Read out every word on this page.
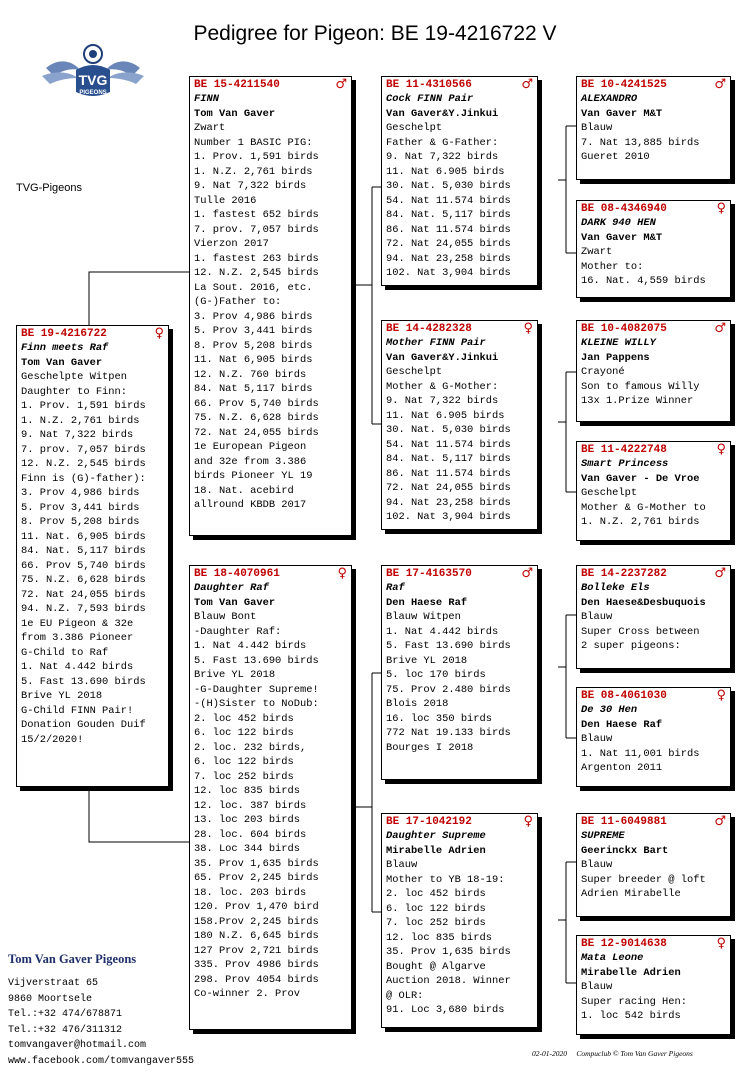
Pedigree for Pigeon: BE 19-4216722 V
TVG
PIGEONS
TVG-Pigeons
BE 19-4216722	♀
Finn meets Raf
Tom Van Gaver
Geschelpte Witpen
Daughter to Finn:
1. Prov. 1,591 birds
1. N.Z. 2,761 birds
9. Nat 7,322 birds
7. prov. 7,057 birds
12. N.Z. 2,545 birds
Finn is (G)-father):
3. Prov 4,986 birds
5. Prov 3,441 birds
8. Prov 5,208 birds
11. Nat. 6,905 birds
84. Nat. 5,117 birds
66. Prov 5,740 birds
75. N.Z. 6,628 birds
72. Nat 24,055 birds
94. N.Z. 7,593 birds
1e EU Pigeon & 32e
from 3.386 Pioneer
G-Child to Raf
1. Nat 4.442 birds
5. Fast 13.690 birds
Brive YL 2018
G-Child FINN Pair!
Donation Gouden Duif
15/2/2020!
BE 15-4211540	♂
FINN
Tom Van Gaver
Zwart
Number 1 BASIC PIG:
1. Prov. 1,591 birds
1. N.Z. 2,761 birds
9. Nat 7,322 birds
Tulle 2016
1. fastest 652 birds
7. prov. 7,057 birds
Vierzon 2017
1. fastest 263 birds
12. N.Z. 2,545 birds
La Sout. 2016, etc.
(G-)Father to:
3. Prov 4,986 birds
5. Prov 3,441 birds
8. Prov 5,208 birds
11. Nat 6,905 birds
12. N.Z. 760 birds
84. Nat 5,117 birds
66. Prov 5,740 birds
75. N.Z. 6,628 birds
72. Nat 24,055 birds
1e European Pigeon
and 32e from 3.386
birds Pioneer YL 19
18. Nat. acebird
allround KBDB 2017
BE 18-4070961	♀
Daughter Raf
Tom Van Gaver
Blauw Bont
-Daughter Raf:
1. Nat 4.442 birds
5. Fast 13.690 birds
Brive YL 2018
-G-Daughter Supreme!
-(H)Sister to NoDub:
2. loc 452 birds
6. loc 122 birds
2. loc. 232 birds,
6. loc 122 birds
7. loc 252 birds
12. loc 835 birds
12. loc. 387 birds
13. loc 203 birds
28. loc. 604 birds
38. Loc 344 birds
35. Prov 1,635 birds
65. Prov 2,245 birds
18. loc. 203 birds
120. Prov 1,470 bird
158.Prov 2,245 birds
180 N.Z. 6,645 birds
127 Prov 2,721 birds
335. Prov 4986 birds
298. Prov 4054 birds
Co-winner 2. Prov
BE 11-4310566	♂
Cock FINN Pair
Van Gaver&Y.Jinkui
Geschelpt
Father & G-Father:
9. Nat 7,322 birds
11. Nat 6.905 birds
30. Nat. 5,030 birds
54. Nat 11.574 birds
84. Nat. 5,117 birds
86. Nat 11.574 birds
72. Nat 24,055 birds
94. Nat 23,258 birds
102. Nat 3,904 birds
BE 14-4282328	♀
Mother FINN Pair
Van Gaver&Y.Jinkui
Geschelpt
Mother & G-Mother:
9. Nat 7,322 birds
11. Nat 6.905 birds
30. Nat. 5,030 birds
54. Nat 11.574 birds
84. Nat. 5,117 birds
86. Nat 11.574 birds
72. Nat 24,055 birds
94. Nat 23,258 birds
102. Nat 3,904 birds
BE 17-4163570	♂
Raf
Den Haese Raf
Blauw Witpen
1. Nat 4.442 birds
5. Fast 13.690 birds
Brive YL 2018
5. loc 170 birds
75. Prov 2.480 birds
Blois 2018
16. loc 350 birds
772 Nat 19.133 birds
Bourges I 2018
BE 17-1042192	♀
Daughter Supreme
Mirabelle Adrien
Blauw
Mother to YB 18-19:
2. loc 452 birds
6. loc 122 birds
7. loc 252 birds
12. loc 835 birds
35. Prov 1,635 birds
Bought @ Algarve
Auction 2018. Winner
@ OLR:
91. Loc 3,680 birds
BE 10-4241525	♂
ALEXANDRO
Van Gaver M&T
Blauw
7. Nat 13,885 birds
Gueret 2010
BE 08-4346940	♀
DARK 940 HEN
Van Gaver M&T
Zwart
Mother to:
16. Nat. 4,559 birds
BE 10-4082075	♂
KLEINE WILLY
Jan Pappens
Crayoné
Son to famous Willy
13x 1.Prize Winner
BE 11-4222748	♀
Smart Princess
Van Gaver - De Vroe
Geschelpt
Mother & G-Mother to
1. N.Z. 2,761 birds
BE 14-2237282	♂
Bolleke Els
Den Haese&Desbuquois
Blauw
Super Cross between
2 super pigeons:
BE 08-4061030	♀
De 30 Hen
Den Haese Raf
Blauw
1. Nat 11,001 birds
Argenton 2011
BE 11-6049881	♂
SUPREME
Geerinckx Bart
Blauw
Super breeder @ loft
Adrien Mirabelle
BE 12-9014638	♀
Mata Leone
Mirabelle Adrien
Blauw
Super racing Hen:
1. loc 542 birds
Tom Van Gaver Pigeons
Vijverstraat 65
9860 Moortsele
Tel.:+32 474/678871
Tel.:+32 476/311312
tomvangaver@hotmail.com
www.facebook.com/tomvangaver555
02-01-2020     Compuclub © Tom Van Gaver Pigeons
